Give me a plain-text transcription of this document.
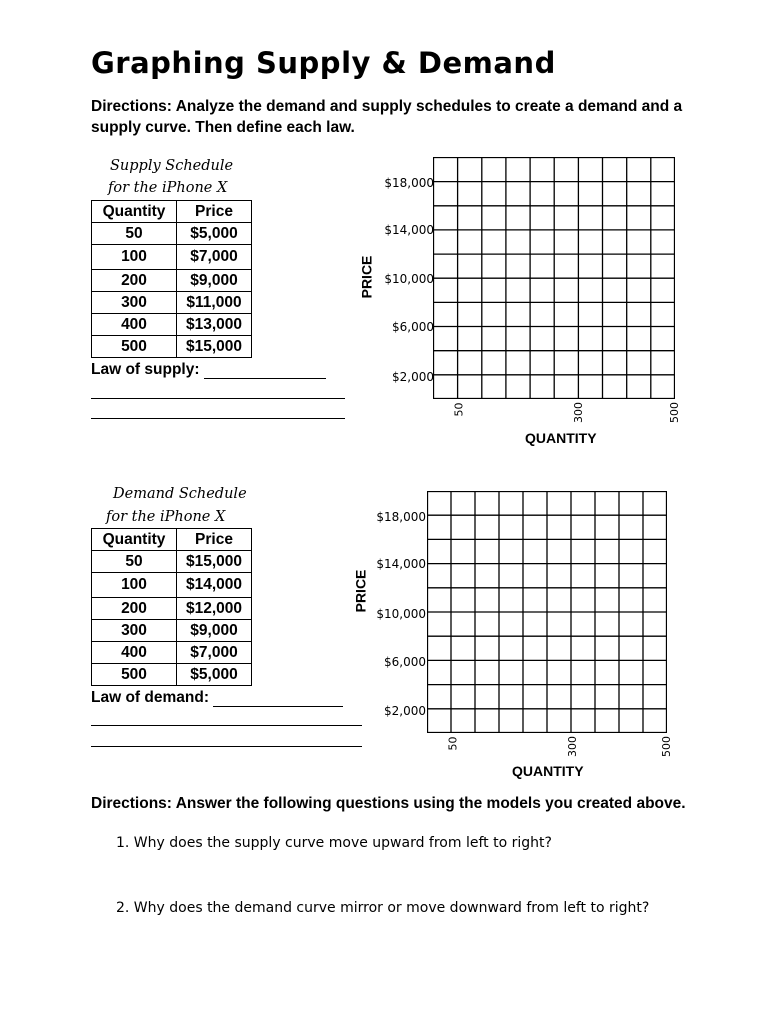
Graphing Supply & Demand
Directions: Analyze the demand and supply schedules to create a demand and a supply curve. Then define each law.
Supply Schedule
for the iPhone X
Quantity	Price
50	$5,000
100	$7,000
200	$9,000
300	$11,000
400	$13,000
500	$15,000
Law of supply:
PRICE
$18,000
$14,000
$10,000
$6,000
$2,000
50	300	500
QUANTITY
Demand Schedule
for the iPhone X
Quantity	Price
50	$15,000
100	$14,000
200	$12,000
300	$9,000
400	$7,000
500	$5,000
Law of demand:
PRICE
$18,000
$14,000
$10,000
$6,000
$2,000
50	300	500
QUANTITY
Directions: Answer the following questions using the models you created above.
1. Why does the supply curve move upward from left to right?
2. Why does the demand curve mirror or move downward from left to right?
